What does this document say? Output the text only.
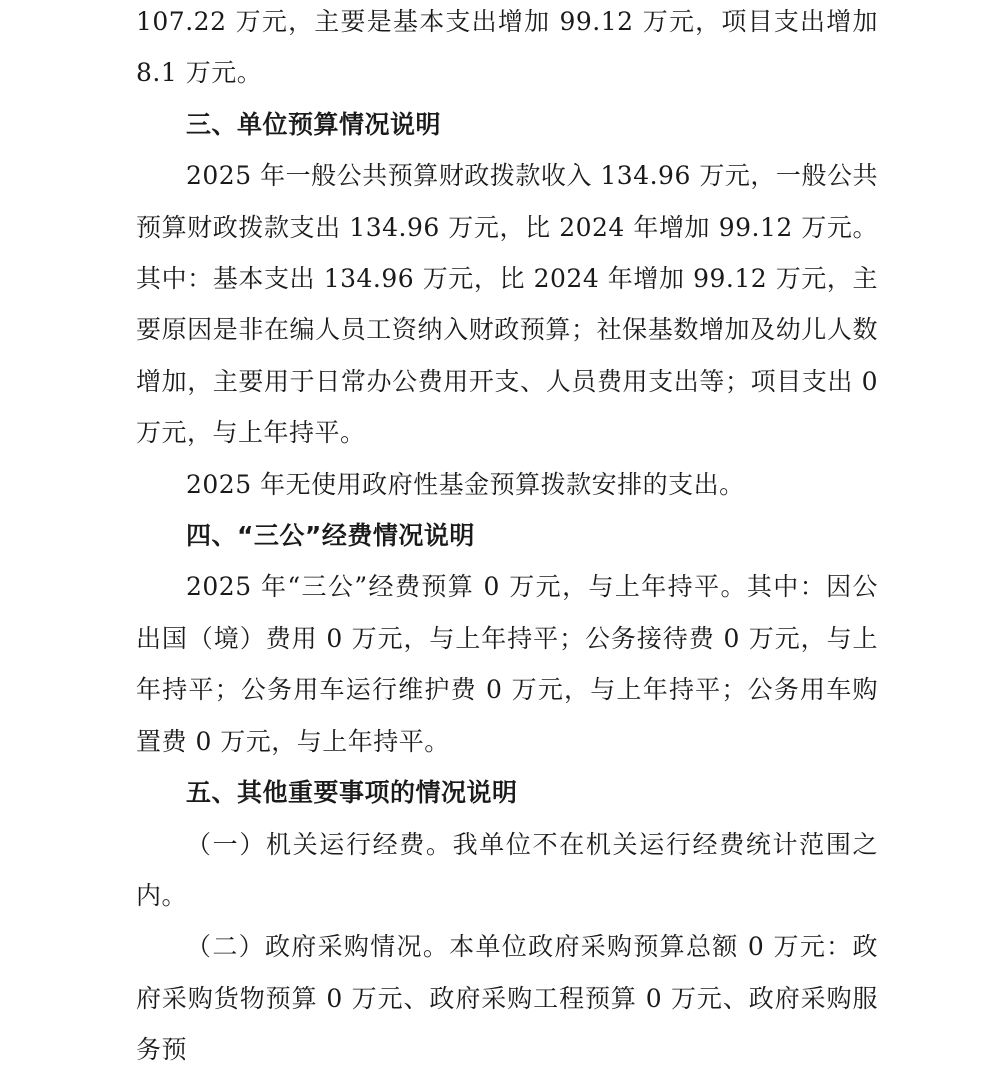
107.22 万元，主要是基本支出增加 99.12 万元，项目支出增加 8.1 万元。

三、单位预算情况说明

2025 年一般公共预算财政拨款收入 134.96 万元，一般公共预算财政拨款支出 134.96 万元，比 2024 年增加 99.12 万元。其中：基本支出 134.96 万元，比 2024 年增加 99.12 万元，主要原因是非在编人员工资纳入财政预算；社保基数增加及幼儿人数增加，主要用于日常办公费用开支、人员费用支出等；项目支出 0 万元，与上年持平。

2025 年无使用政府性基金预算拨款安排的支出。

四、“三公”经费情况说明

2025 年“三公”经费预算 0 万元，与上年持平。其中：因公出国（境）费用 0 万元，与上年持平；公务接待费 0 万元，与上年持平；公务用车运行维护费 0 万元，与上年持平；公务用车购置费 0 万元，与上年持平。

五、其他重要事项的情况说明

（一）机关运行经费。我单位不在机关运行经费统计范围之内。

（二）政府采购情况。本单位政府采购预算总额 0 万元：政府采购货物预算 0 万元、政府采购工程预算 0 万元、政府采购服务预
